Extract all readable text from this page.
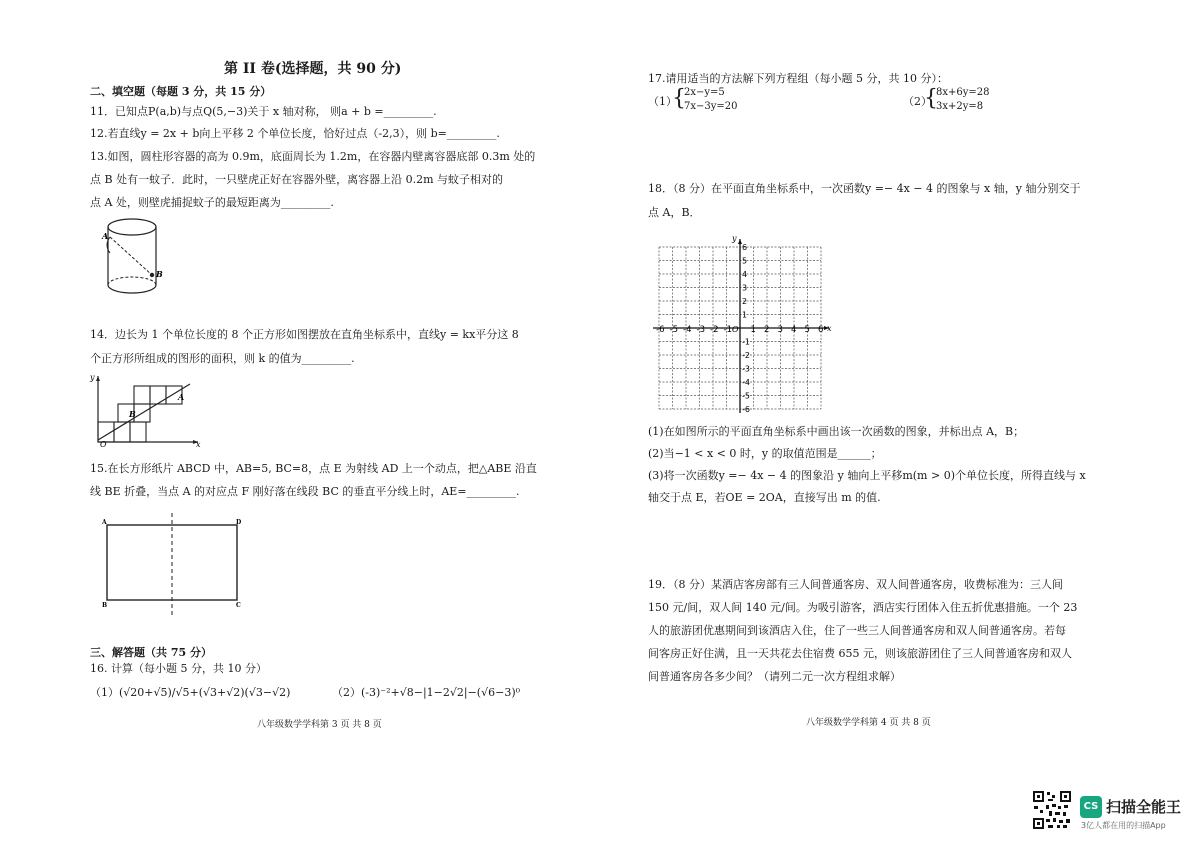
第 II 卷(选择题，共 90 分)
二、填空题（每题 3 分，共 15 分）
11．已知点P(a,b)与点Q(5,−3)关于 x 轴对称， 则a + b =_________.
12.若直线y = 2x + b向上平移 2 个单位长度，恰好过点（-2,3），则 b=_________.
13.如图，圆柱形容器的高为 0.9m，底面周长为 1.2m，在容器内壁离容器底部 0.3m 处的
点 B 处有一蚊子．此时，一只壁虎正好在容器外壁，离容器上沿 0.2m 与蚊子相对的
点 A 处，则壁虎捕捉蚊子的最短距离为_________.
A
B
14．边长为 1 个单位长度的 8 个正方形如图摆放在直角坐标系中，直线y = kx平分这 8
个正方形所组成的图形的面积，则 k 的值为_________.
y
x
O
A
B
15.在长方形纸片 ABCD 中，AB=5, BC=8，点 E 为射线 AD 上一个动点，把△ABE 沿直
线 BE 折叠，当点 A 的对应点 F 刚好落在线段 BC 的垂直平分线上时，AE=_________.
A	D
B	C
三、解答题（共 75 分）
16. 计算（每小题 5 分，共 10 分）
（1）(√20+√5)/√5+(√3+√2)(√3−√2)	（2）(-3)⁻²+√8−|1−2√2|−(√6−3)⁰
八年级数学学科第 3 页 共 8 页
17.请用适当的方法解下列方程组（每小题 5 分，共 10 分）：
（1）
{
2x−y=5
7x−3y=20	（2）
{
8x+6y=28
3x+2y=8
18．（8 分）在平面直角坐标系中，一次函数y =− 4x − 4 的图象与 x 轴，y 轴分别交于
点 A，B．
-6 -5 -4 -3 -2 -1 1 2 3 4 5 6
6
5
4
3
2
1
-1
-2
-3
-4
-5
-6
y
x
O
(1)在如图所示的平面直角坐标系中画出该一次函数的图象，并标出点 A，B；
(2)当−1 < x < 0 时，y 的取值范围是______；
(3)将一次函数y =− 4x − 4 的图象沿 y 轴向上平移m(m > 0)个单位长度，所得直线与 x
轴交于点 E，若OE = 2OA，直接写出 m 的值.
19．（8 分）某酒店客房部有三人间普通客房、双人间普通客房，收费标准为：三人间
150 元/间，双人间 140 元/间。为吸引游客，酒店实行团体入住五折优惠措施。一个 23
人的旅游团优惠期间到该酒店入住，住了一些三人间普通客房和双人间普通客房。若每
间客房正好住满，且一天共花去住宿费 655 元，则该旅游团住了三人间普通客房和双人
间普通客房各多少间？（请列二元一次方程组求解）
八年级数学学科第 4 页 共 8 页
CS 扫描全能王
3亿人都在用的扫描App
